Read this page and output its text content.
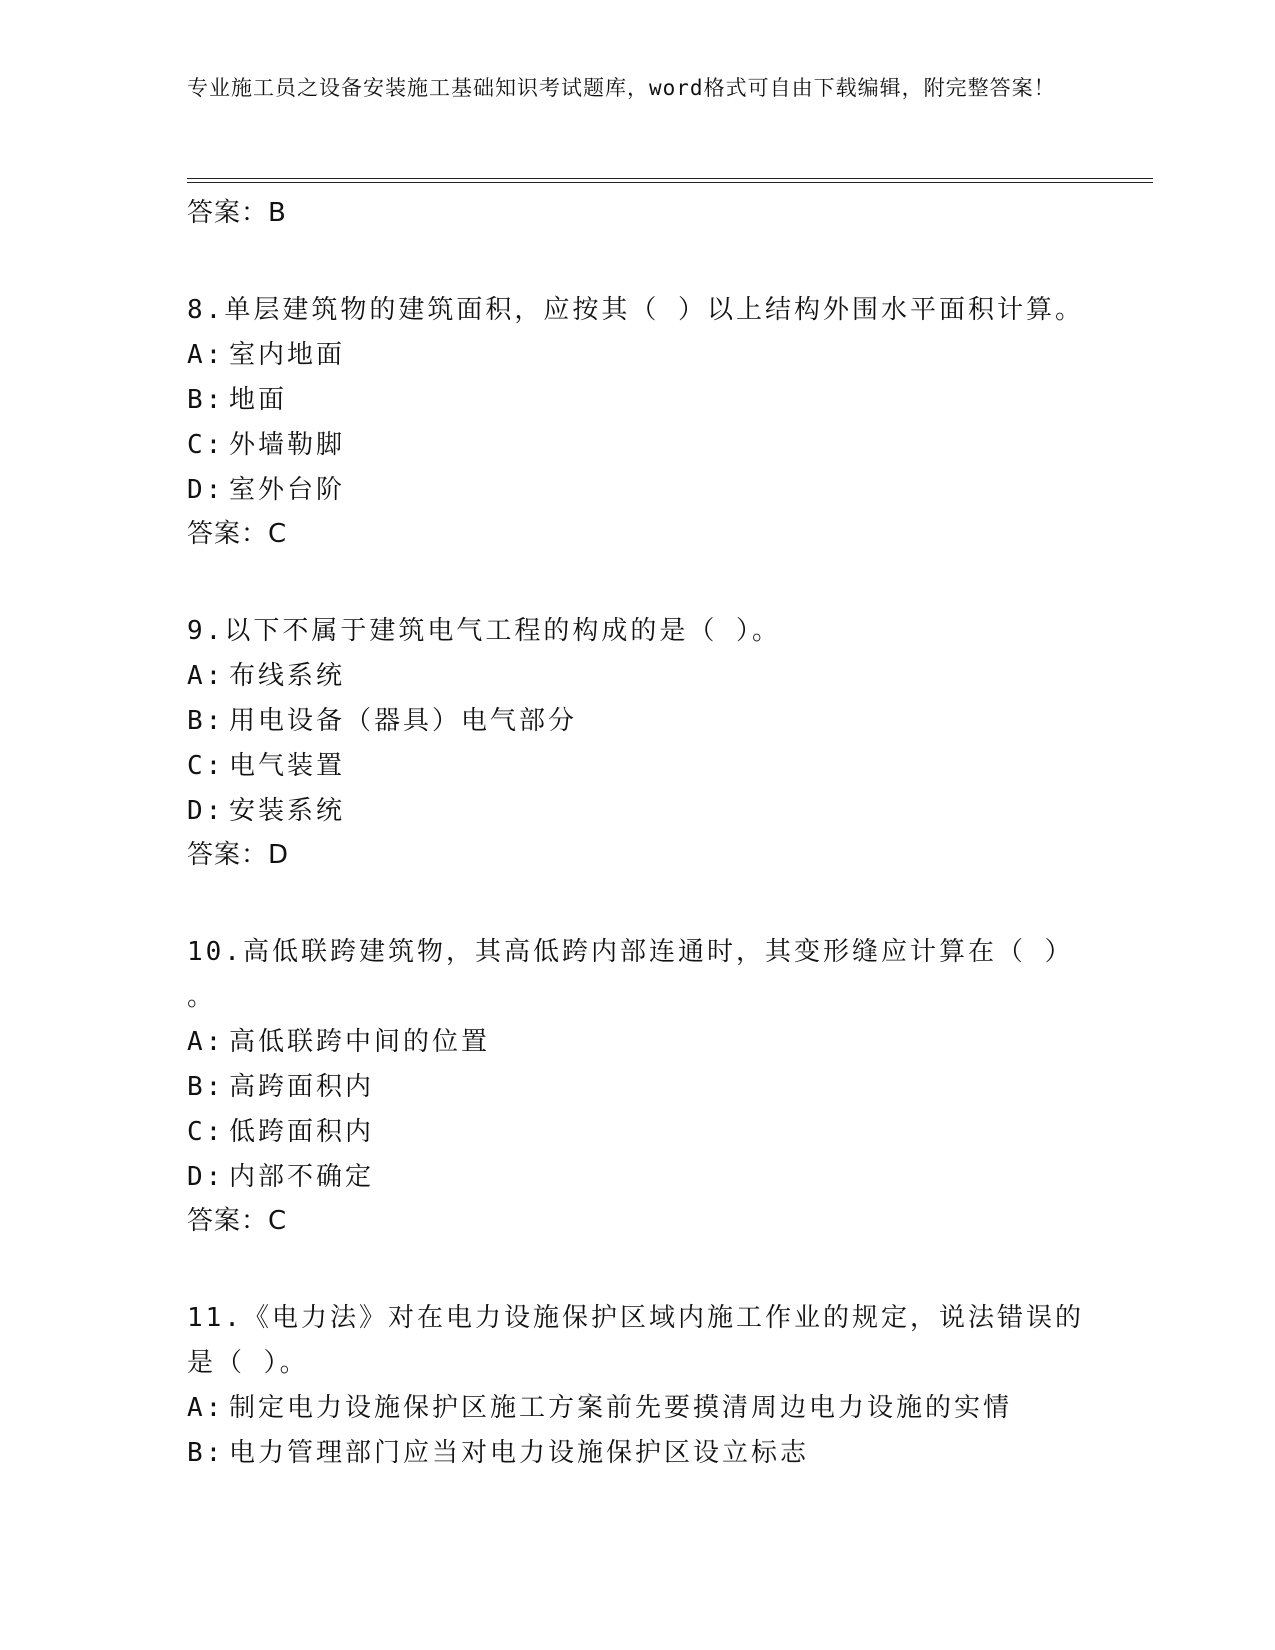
专业施工员之设备安装施工基础知识考试题库，word格式可自由下载编辑，附完整答案！
答案：B
8.单层建筑物的建筑面积，应按其（ ）以上结构外围水平面积计算。
A: 室内地面
B: 地面
C: 外墙勒脚
D: 室外台阶
答案：C
9.以下不属于建筑电气工程的构成的是（ ）。
A: 布线系统
B: 用电设备（器具）电气部分
C: 电气装置
D: 安装系统
答案：D
10.高低联跨建筑物，其高低跨内部连通时，其变形缝应计算在（ ）
。
A: 高低联跨中间的位置
B: 高跨面积内
C: 低跨面积内
D: 内部不确定
答案：C
11.《电力法》对在电力设施保护区域内施工作业的规定，说法错误的
是（ ）。
A: 制定电力设施保护区施工方案前先要摸清周边电力设施的实情
B: 电力管理部门应当对电力设施保护区设立标志
